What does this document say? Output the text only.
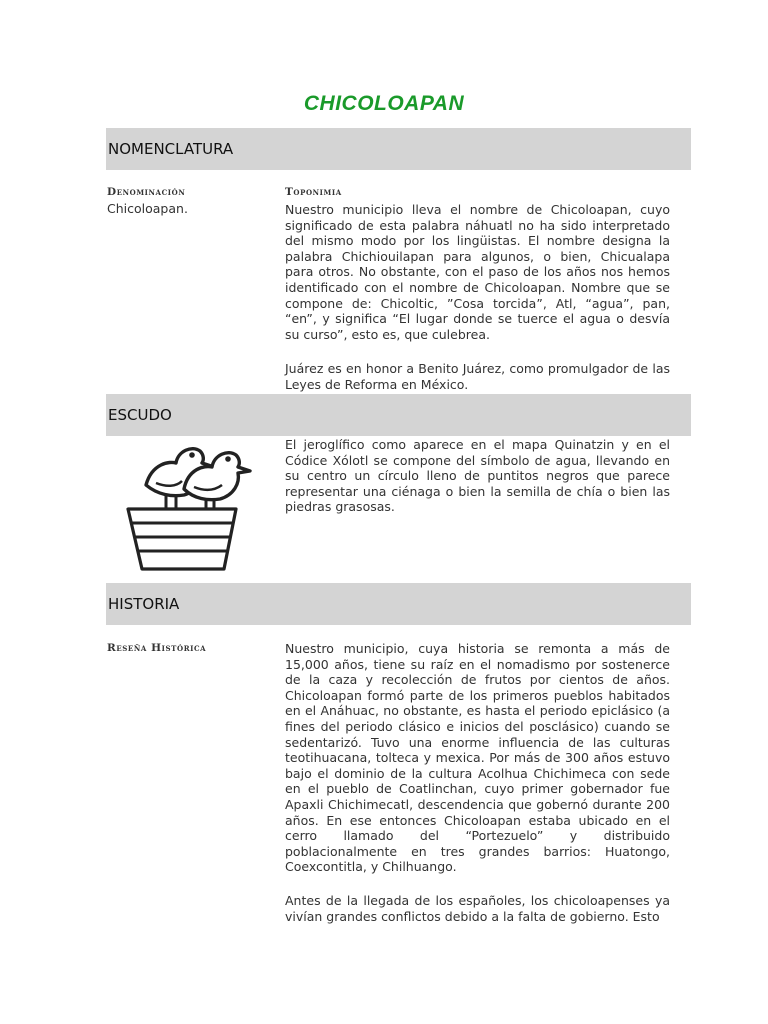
CHICOLOAPAN
NOMENCLATURA
Denominación
Chicoloapan.
Toponimia

Nuestro municipio lleva el nombre de Chicoloapan, cuyo significado de esta palabra náhuatl no ha sido interpretado del mismo modo por los lingüistas. El nombre designa la palabra Chichiouilapan para algunos, o bien, Chicualapa para otros. No obstante, con el paso de los años nos hemos identificado con el nombre de Chicoloapan. Nombre que se compone de: Chicoltic, ”Cosa torcida”, Atl, “agua”, pan, “en”, y significa “El lugar donde se tuerce el agua o desvía su curso”, esto es, que culebrea.

Juárez es en honor a Benito Juárez, como promulgador de las Leyes de Reforma en México.

ESCUDO

El jeroglífico como aparece en el mapa Quinatzin y en el Códice Xólotl se compone del símbolo de agua, llevando en su centro un círculo lleno de puntitos negros que parece representar una ciénaga o bien la semilla de chía o bien las piedras grasosas.

HISTORIA
Reseña Histórica	Nuestro municipio, cuya historia se remonta a más de 15,000 años, tiene su raíz en el nomadismo por sostenerce de la caza y recolección de frutos por cientos de años. Chicoloapan formó parte de los primeros pueblos habitados en el Anáhuac, no obstante, es hasta el periodo epiclásico (a fines del periodo clásico e inicios del posclásico) cuando se sedentarizó. Tuvo una enorme influencia de las culturas teotihuacana, tolteca y mexica. Por más de 300 años estuvo bajo el dominio de la cultura Acolhua Chichimeca con sede en el pueblo de Coatlinchan, cuyo primer gobernador fue Apaxli Chichimecatl, descendencia que gobernó durante 200 años. En ese entonces Chicoloapan estaba ubicado en el cerro llamado del “Portezuelo” y distribuido poblacionalmente en tres grandes barrios: Huatongo, Coexcontitla, y Chilhuango.

Antes de la llegada de los españoles, los chicoloapenses ya vivían grandes conflictos debido a la falta de gobierno. Esto
